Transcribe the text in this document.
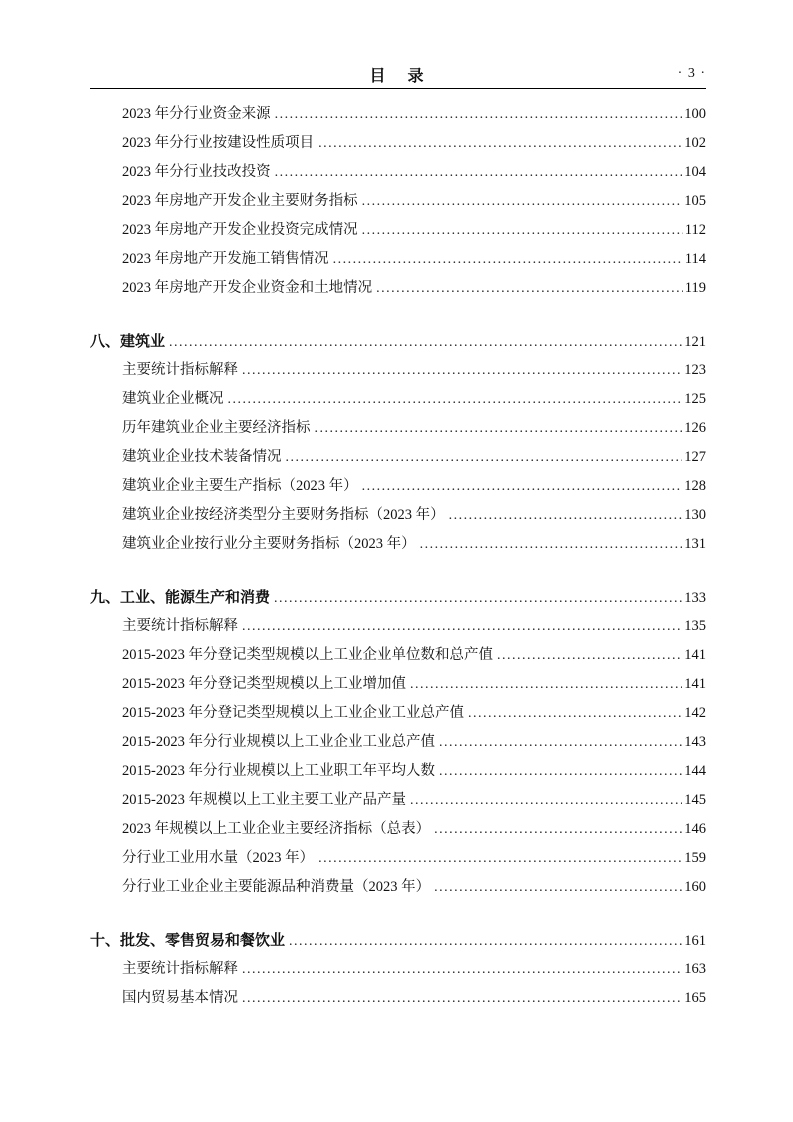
目　录	· 3 ·
2023 年分行业资金来源 .....	100
2023 年分行业按建设性质项目 .....	102
2023 年分行业技改投资 .....	104
2023 年房地产开发企业主要财务指标 .....	105
2023 年房地产开发企业投资完成情况 .....	112
2023 年房地产开发施工销售情况 .....	114
2023 年房地产开发企业资金和土地情况 .....	119
八、建筑业 .....	121
主要统计指标解释 .....	123
建筑业企业概况 .....	125
历年建筑业企业主要经济指标 .....	126
建筑业企业技术装备情况 .....	127
建筑业企业主要生产指标（2023 年） .....	128
建筑业企业按经济类型分主要财务指标（2023 年） .....	130
建筑业企业按行业分主要财务指标（2023 年） .....	131
九、工业、能源生产和消费 .....	133
主要统计指标解释 .....	135
2015-2023 年分登记类型规模以上工业企业单位数和总产值 .....	141
2015-2023 年分登记类型规模以上工业增加值 .....	141
2015-2023 年分登记类型规模以上工业企业工业总产值 .....	142
2015-2023 年分行业规模以上工业企业工业总产值 .....	143
2015-2023 年分行业规模以上工业职工年平均人数 .....	144
2015-2023 年规模以上工业主要工业产品产量 .....	145
2023 年规模以上工业企业主要经济指标（总表） .....	146
分行业工业用水量（2023 年） .....	159
分行业工业企业主要能源品种消费量（2023 年） .....	160
十、批发、零售贸易和餐饮业 .....	161
主要统计指标解释 .....	163
国内贸易基本情况 .....	165
